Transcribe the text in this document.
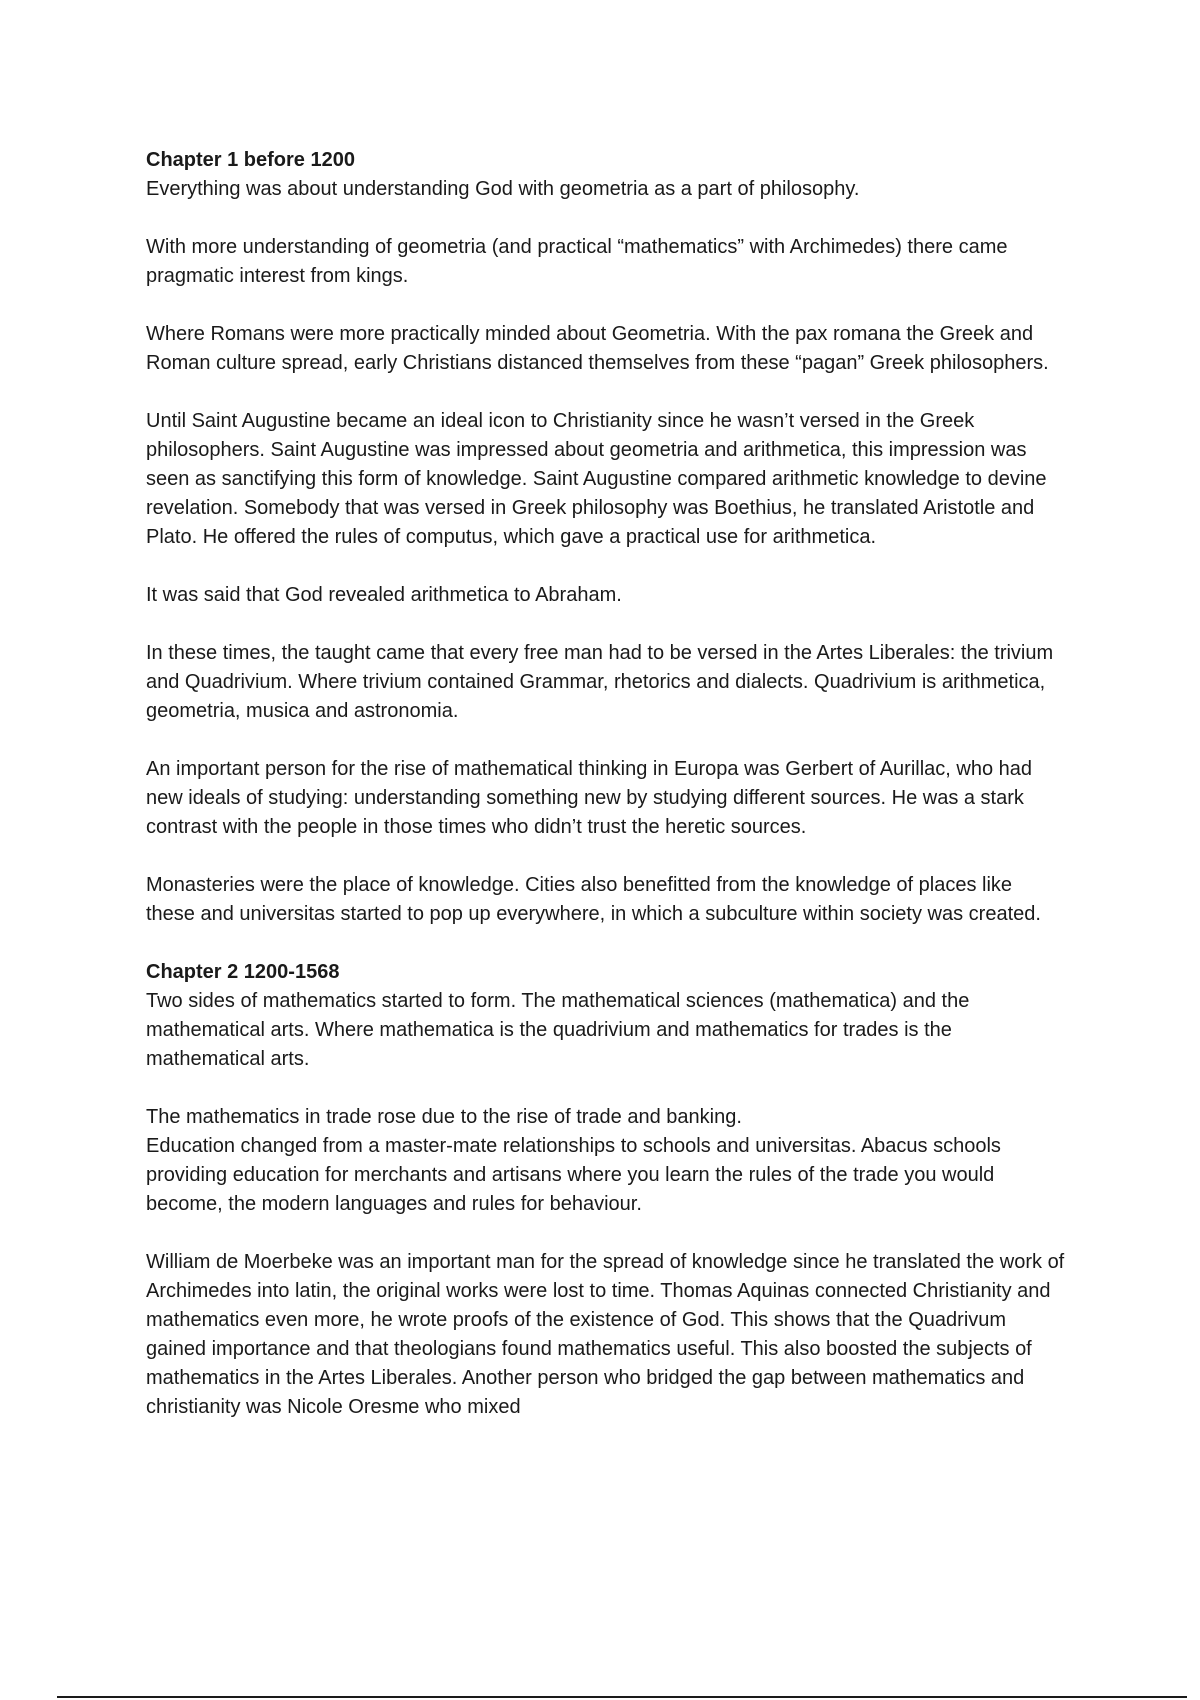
Chapter 1 before 1200

Everything was about understanding God with geometria as a part of philosophy.

With more understanding of geometria (and practical “mathematics” with Archimedes) there came pragmatic interest from kings.

Where Romans were more practically minded about Geometria. With the pax romana the Greek and Roman culture spread, early Christians distanced themselves from these “pagan” Greek philosophers.

Until Saint Augustine became an ideal icon to Christianity since he wasn’t versed in the Greek philosophers. Saint Augustine was impressed about geometria and arithmetica, this impression was seen as sanctifying this form of knowledge. Saint Augustine compared arithmetic knowledge to devine revelation. Somebody that was versed in Greek philosophy was Boethius, he translated Aristotle and Plato. He offered the rules of computus, which gave a practical use for arithmetica.

It was said that God revealed arithmetica to Abraham.

In these times, the taught came that every free man had to be versed in the Artes Liberales: the trivium and Quadrivium. Where trivium contained Grammar, rhetorics and dialects. Quadrivium is arithmetica, geometria, musica and astronomia.

An important person for the rise of mathematical thinking in Europa was Gerbert of Aurillac, who had new ideals of studying: understanding something new by studying different sources. He was a stark contrast with the people in those times who didn’t trust the heretic sources.

Monasteries were the place of knowledge. Cities also benefitted from the knowledge of places like these and universitas started to pop up everywhere, in which a subculture within society was created.

Chapter 2 1200-1568

Two sides of mathematics started to form. The mathematical sciences (mathematica) and the mathematical arts. Where mathematica is the quadrivium and mathematics for trades is the mathematical arts.

The mathematics in trade rose due to the rise of trade and banking.

Education changed from a master-mate relationships to schools and universitas. Abacus schools providing education for merchants and artisans where you learn the rules of the trade you would become, the modern languages and rules for behaviour.

William de Moerbeke was an important man for the spread of knowledge since he translated the work of Archimedes into latin, the original works were lost to time. Thomas Aquinas connected Christianity and mathematics even more, he wrote proofs of the existence of God. This shows that the Quadrivum gained importance and that theologians found mathematics useful. This also boosted the subjects of mathematics in the Artes Liberales. Another person who bridged the gap between mathematics and christianity was Nicole Oresme who mixed
